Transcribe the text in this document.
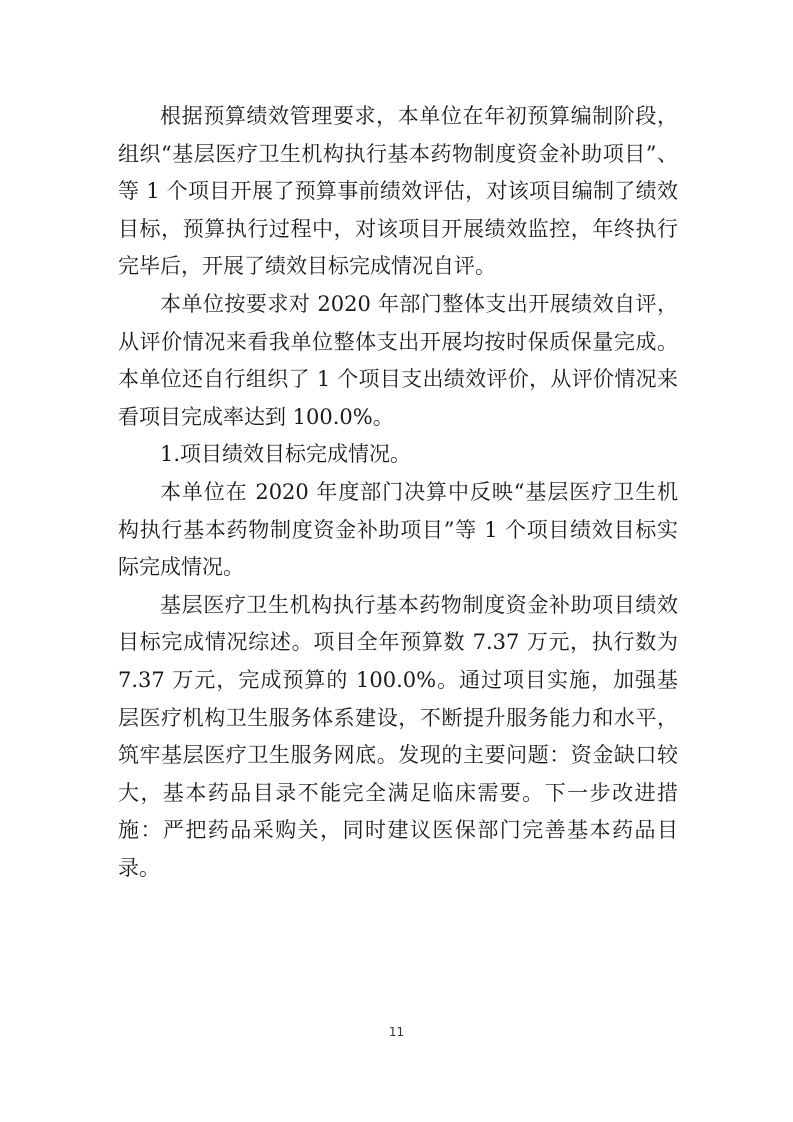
根据预算绩效管理要求，本单位在年初预算编制阶段，组织“基层医疗卫生机构执行基本药物制度资金补助项目”、等 1 个项目开展了预算事前绩效评估，对该项目编制了绩效目标，预算执行过程中，对该项目开展绩效监控，年终执行完毕后，开展了绩效目标完成情况自评。

本单位按要求对 2020 年部门整体支出开展绩效自评，从评价情况来看我单位整体支出开展均按时保质保量完成。本单位还自行组织了 1 个项目支出绩效评价，从评价情况来看项目完成率达到 100.0%。

1.项目绩效目标完成情况。

本单位在 2020 年度部门决算中反映“基层医疗卫生机构执行基本药物制度资金补助项目”等 1 个项目绩效目标实际完成情况。

基层医疗卫生机构执行基本药物制度资金补助项目绩效目标完成情况综述。项目全年预算数 7.37 万元，执行数为 7.37 万元，完成预算的 100.0%。通过项目实施，加强基层医疗机构卫生服务体系建设，不断提升服务能力和水平，筑牢基层医疗卫生服务网底。发现的主要问题：资金缺口较大，基本药品目录不能完全满足临床需要。下一步改进措施：严把药品采购关，同时建议医保部门完善基本药品目录。

11
